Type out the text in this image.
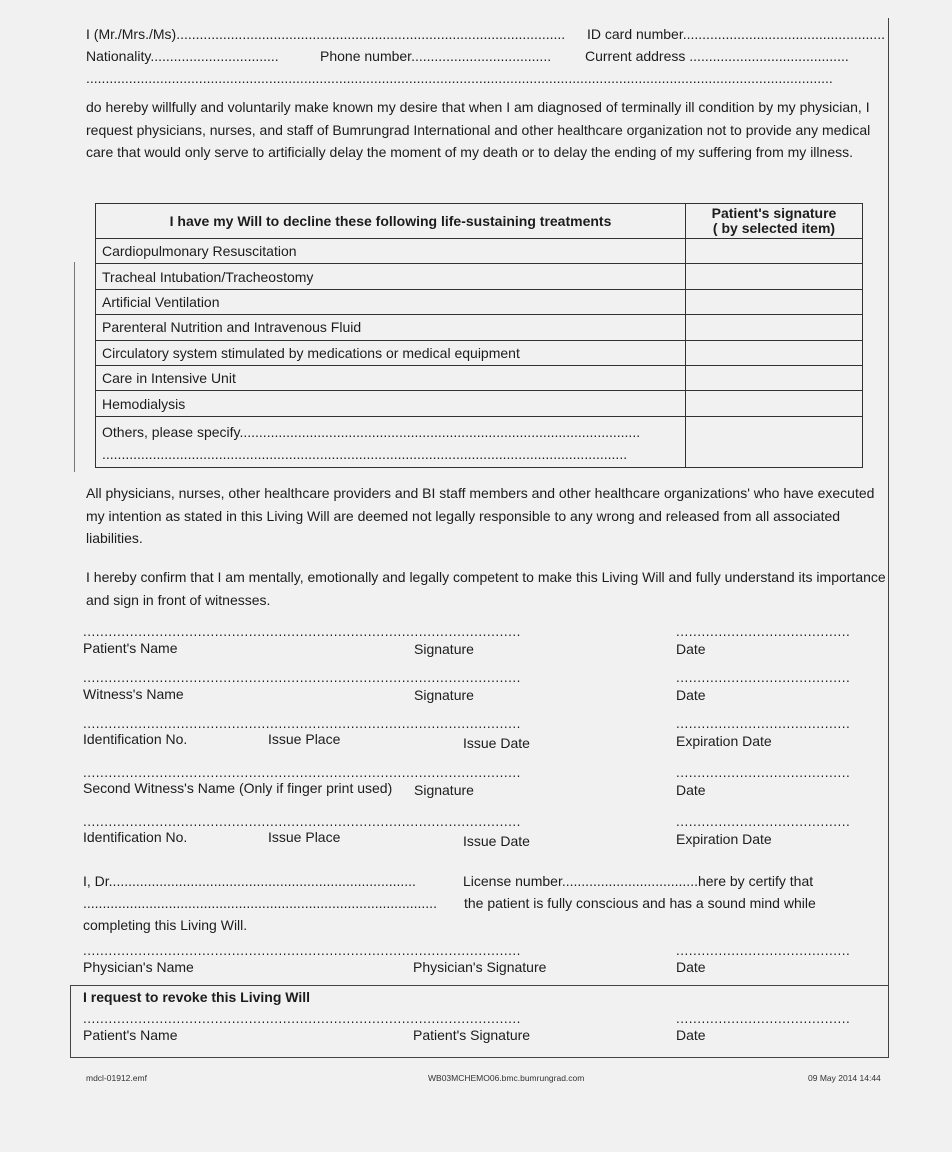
I (Mr./Mrs./Ms).................................................................................................... ID card number....................................................
Nationality.................................	Phone number.................................... Current address .........................................
................................................................................................................................................................................................
do hereby willfully and voluntarily make known my desire that when I am diagnosed of terminally ill condition by my physician, I request physicians, nurses, and staff of Bumrungrad International and other healthcare organization not to provide any medical care that would only serve to artificially delay the moment of my death or to delay the ending of my suffering from my illness.
I have my Will to decline these following life-sustaining treatments	Patient's signature
( by selected item)
Cardiopulmonary Resuscitation	
Tracheal Intubation/Tracheostomy	
Artificial Ventilation	
Parenteral Nutrition and Intravenous Fluid	
Circulatory system stimulated by medications or medical equipment	
Care in Intensive Unit	
Hemodialysis	

Others, please specify.......................................................................................................
.......................................................................................................................................	

All physicians, nurses, other healthcare providers and BI staff members and other healthcare organizations' who have executed my intention as stated in this Living Will are deemed not legally responsible to any wrong and released from all associated liabilities.
I hereby confirm that I am mentally, emotionally and legally competent to make this Living Will and fully understand its importance and sign in front of witnesses.
.......................................................................................................	.........................................
Patient's Name	Signature	Date
.......................................................................................................	.........................................
Witness's Name	Signature	Date
.......................................................................................................	.........................................
Identification No.	Issue Place	Issue Date	Expiration Date
.......................................................................................................	.........................................
Second Witness's Name (Only if finger print used) Signature	Date
.......................................................................................................	.........................................
Identification No.	Issue Place	Issue Date	Expiration Date
I, Dr...............................................................................	License number...................................here by certify that
........................................................................................... the patient is fully conscious and has a sound mind while
completing this Living Will.
.......................................................................................................	.........................................
Physician's Name	Physician's Signature	Date
I request to revoke this Living Will
.......................................................................................................	.........................................
Patient's Name	Patient's Signature	Date
mdcl-01912.emf	WB03MCHEMO06.bmc.bumrungrad.com	09 May 2014 14:44
